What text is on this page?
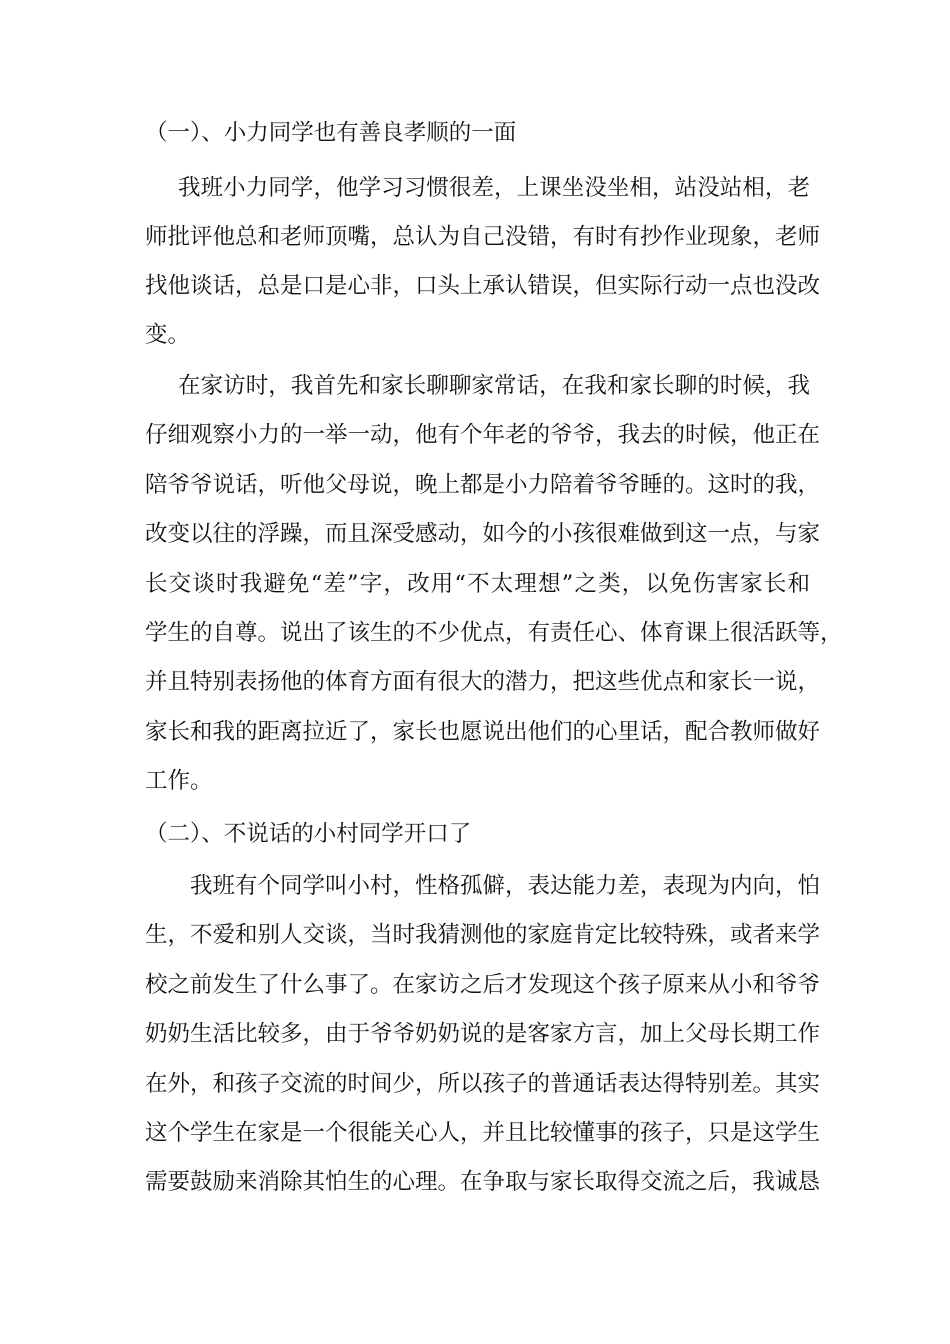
（一）、小力同学也有善良孝顺的一面
我班小力同学，他学习习惯很差，上课坐没坐相，站没站相，老
师批评他总和老师顶嘴，总认为自己没错，有时有抄作业现象，老师
找他谈话，总是口是心非，口头上承认错误，但实际行动一点也没改
变。
在家访时，我首先和家长聊聊家常话，在我和家长聊的时候，我
仔细观察小力的一举一动，他有个年老的爷爷，我去的时候，他正在
陪爷爷说话，听他父母说，晚上都是小力陪着爷爷睡的。这时的我，
改变以往的浮躁，而且深受感动，如今的小孩很难做到这一点，与家
长交谈时我避免“差”字，改用“不太理想”之类，以免伤害家长和
学生的自尊。说出了该生的不少优点，有责任心、体育课上很活跃等，
并且特别表扬他的体育方面有很大的潜力，把这些优点和家长一说，
家长和我的距离拉近了，家长也愿说出他们的心里话，配合教师做好
工作。
（二）、不说话的小村同学开口了
我班有个同学叫小村，性格孤僻，表达能力差，表现为内向，怕
生，不爱和别人交谈，当时我猜测他的家庭肯定比较特殊，或者来学
校之前发生了什么事了。在家访之后才发现这个孩子原来从小和爷爷
奶奶生活比较多，由于爷爷奶奶说的是客家方言，加上父母长期工作
在外，和孩子交流的时间少，所以孩子的普通话表达得特别差。其实
这个学生在家是一个很能关心人，并且比较懂事的孩子，只是这学生
需要鼓励来消除其怕生的心理。在争取与家长取得交流之后，我诚恳
